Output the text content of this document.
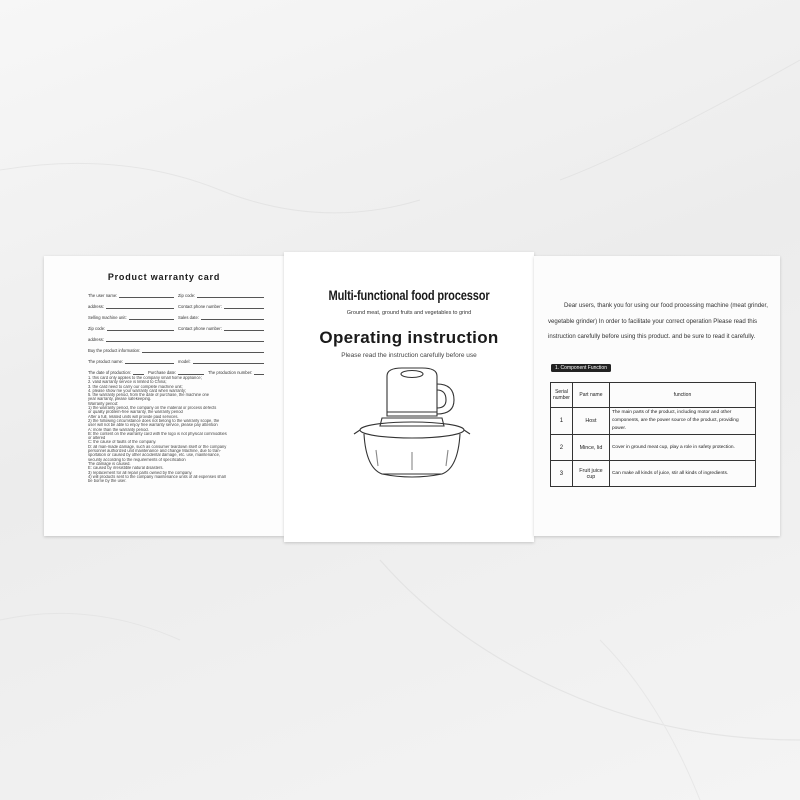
Product warranty card
The user name:	Zip code:
address:	Contact phone number:
Selling machine unit:	Sales date:
Zip code:	Contact phone number:
address:
Buy the product information:
The product name:	model:
The date of production:	Purchase date:	The production number:
1. this card only applies to the company small home appliance;
2. valid warranty service is limited to China;
3. the card need to carry our complete machine unit;
4. please show me your warranty card when warranty;
5. the warranty period, from the date of purchase, the machine one
year warranty, please safekeeping.
Warranty period:
1) the warranty period, the company on the material or process defects
or quality problem-free warranty, the warranty period
After a full, related units will provide paid services.
2) the following circumstance does not belong to the warranty scope, the
user will not be able to enjoy free warranty service, please pay attention
A: more than the warranty period.
B: the content on the warranty card with the logo is not physical commodities
or altered
C: the cause of faults of the company.
D: all man-made damage, such as consumer teardown itself or the company
personnel authorized unit maintenance and change Machine, due to tran-
sportation or caused by other accidental damage, etc. use, maintenance,
security according to the requirements of specification
The damage is caused.
E: caused by irresistible natural disasters.
3) replacement for all repair parts owned by the company.
4) will products sent to the company maintenance units of all expenses shall
be borne by the user.
Multi-functional food processor
Ground meat, ground fruits and vegetables to grind
Operating instruction
Please read the instruction carefully before use
Dear users, thank you for using our food processing machine (meat grinder, vegetable grinder) In order to facilitate your correct operation Please read this instruction carefully before using this product. and be sure to read it carefully.
1. Component Function
Serial number	Part name	function
1	Host	The main parts of the product, including motor and other components, are the power source of the product, providing power.
2	Mince, lid	Cover in ground meat cup, play a role in safety protection.
3	Fruit juice cup	Can make all kinds of juice, stir all kinds of ingredients.
